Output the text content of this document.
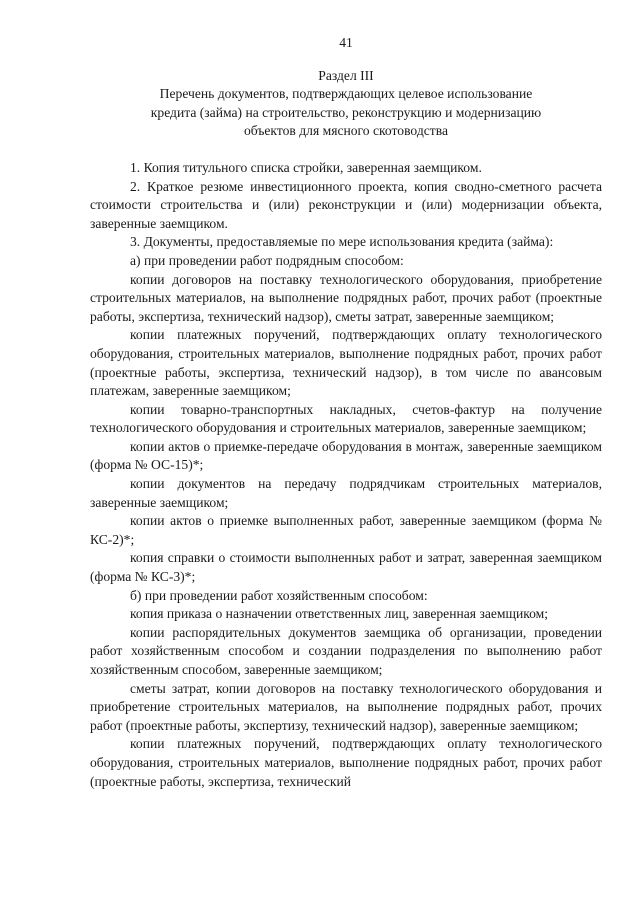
41
Раздел III
Перечень документов, подтверждающих целевое использование
кредита (займа) на строительство, реконструкцию и модернизацию
объектов для мясного скотоводства

1. Копия титульного списка стройки, заверенная заемщиком.

2. Краткое резюме инвестиционного проекта, копия сводно-сметного расчета стоимости строительства и (или) реконструкции и (или) модернизации объекта, заверенные заемщиком.

3. Документы, предоставляемые по мере использования кредита (займа):

а) при проведении работ подрядным способом:

копии договоров на поставку технологического оборудования, приобретение строительных материалов, на выполнение подрядных работ, прочих работ (проектные работы, экспертиза, технический надзор), сметы затрат, заверенные заемщиком;

копии платежных поручений, подтверждающих оплату технологического оборудования, строительных материалов, выполнение подрядных работ, прочих работ (проектные работы, экспертиза, технический надзор), в том числе по авансовым платежам, заверенные заемщиком;

копии товарно-транспортных накладных, счетов-фактур на получение технологического оборудования и строительных материалов, заверенные заемщиком;

копии актов о приемке-передаче оборудования в монтаж, заверенные заемщиком (форма № ОС-15)*;

копии документов на передачу подрядчикам строительных материалов, заверенные заемщиком;

копии актов о приемке выполненных работ, заверенные заемщиком (форма № КС-2)*;

копия справки о стоимости выполненных работ и затрат, заверенная заемщиком (форма № КС-3)*;

б) при проведении работ хозяйственным способом:

копия приказа о назначении ответственных лиц, заверенная заемщиком;

копии распорядительных документов заемщика об организации, проведении работ хозяйственным способом и создании подразделения по выполнению работ хозяйственным способом, заверенные заемщиком;

сметы затрат, копии договоров на поставку технологического оборудования и приобретение строительных материалов, на выполнение подрядных работ, прочих работ (проектные работы, экспертизу, технический надзор), заверенные заемщиком;

копии платежных поручений, подтверждающих оплату технологического оборудования, строительных материалов, выполнение подрядных работ, прочих работ (проектные работы, экспертиза, технический
